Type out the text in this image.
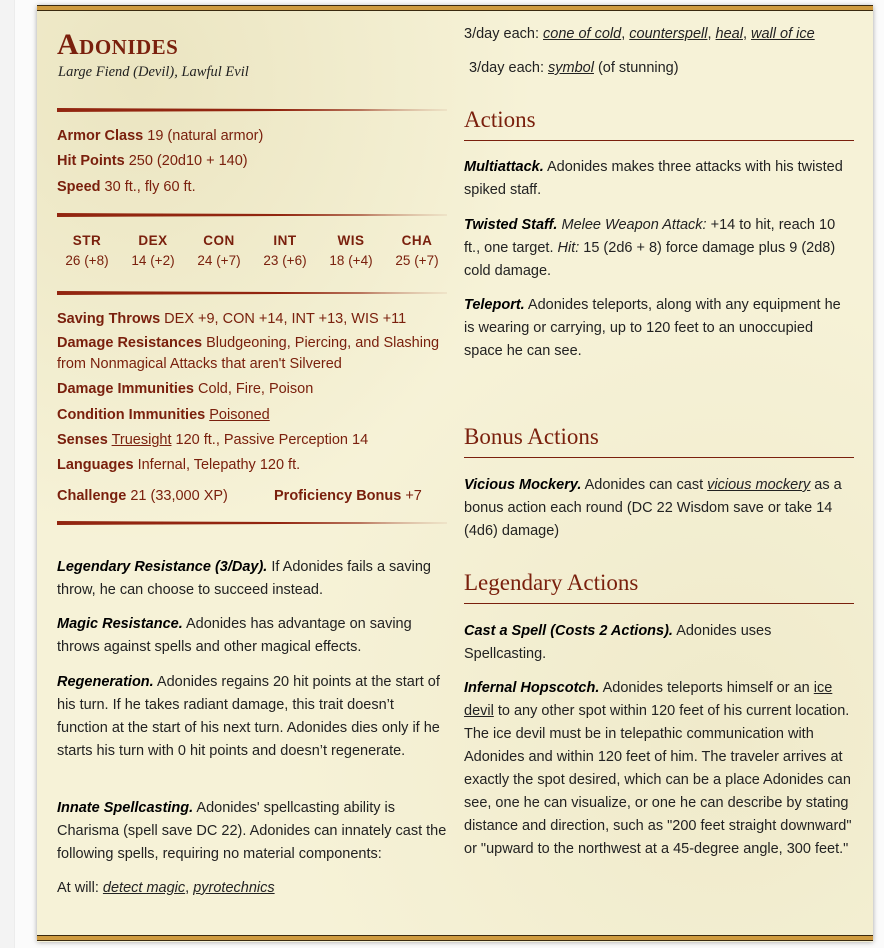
Adonides
Large Fiend (Devil), Lawful Evil
Armor Class 19 (natural armor)
Hit Points 250 (20d10 + 140)
Speed 30 ft., fly 60 ft.
STR
26 (+8)
DEX
14 (+2)
CON
24 (+7)
INT
23 (+6)
WIS
18 (+4)
CHA
25 (+7)
Saving Throws DEX +9, CON +14, INT +13, WIS +11
Damage Resistances Bludgeoning, Piercing, and Slashing from Nonmagical Attacks that aren't Silvered
Damage Immunities Cold, Fire, Poison
Condition Immunities Poisoned
Senses Truesight 120 ft., Passive Perception 14
Languages Infernal, Telepathy 120 ft.
Challenge 21 (33,000 XP)	Proficiency Bonus +7
Legendary Resistance (3/Day). If Adonides fails a saving throw, he can choose to succeed instead.
Magic Resistance. Adonides has advantage on saving throws against spells and other magical effects.
Regeneration. Adonides regains 20 hit points at the start of his turn. If he takes radiant damage, this trait doesn’t function at the start of his next turn. Adonides dies only if he starts his turn with 0 hit points and doesn’t regenerate.
Innate Spellcasting. Adonides' spellcasting ability is Charisma (spell save DC 22). Adonides can innately cast the following spells, requiring no material components:
At will: detect magic, pyrotechnics
3/day each: cone of cold, counterspell, heal, wall of ice
3/day each: symbol (of stunning)
Actions
Multiattack. Adonides makes three attacks with his twisted spiked staff.
Twisted Staff. Melee Weapon Attack: +14 to hit, reach 10 ft., one target. Hit: 15 (2d6 + 8) force damage plus 9 (2d8) cold damage.
Teleport. Adonides teleports, along with any equipment he is wearing or carrying, up to 120 feet to an unoccupied space he can see.
Bonus Actions
Vicious Mockery. Adonides can cast vicious mockery as a bonus action each round (DC 22 Wisdom save or take 14 (4d6) damage)
Legendary Actions
Cast a Spell (Costs 2 Actions). Adonides uses Spellcasting.
Infernal Hopscotch. Adonides teleports himself or an ice devil to any other spot within 120 feet of his current location. The ice devil must be in telepathic communication with Adonides and within 120 feet of him. The traveler arrives at exactly the spot desired, which can be a place Adonides can see, one he can visualize, or one he can describe by stating distance and direction, such as "200 feet straight downward" or "upward to the northwest at a 45-degree angle, 300 feet."
